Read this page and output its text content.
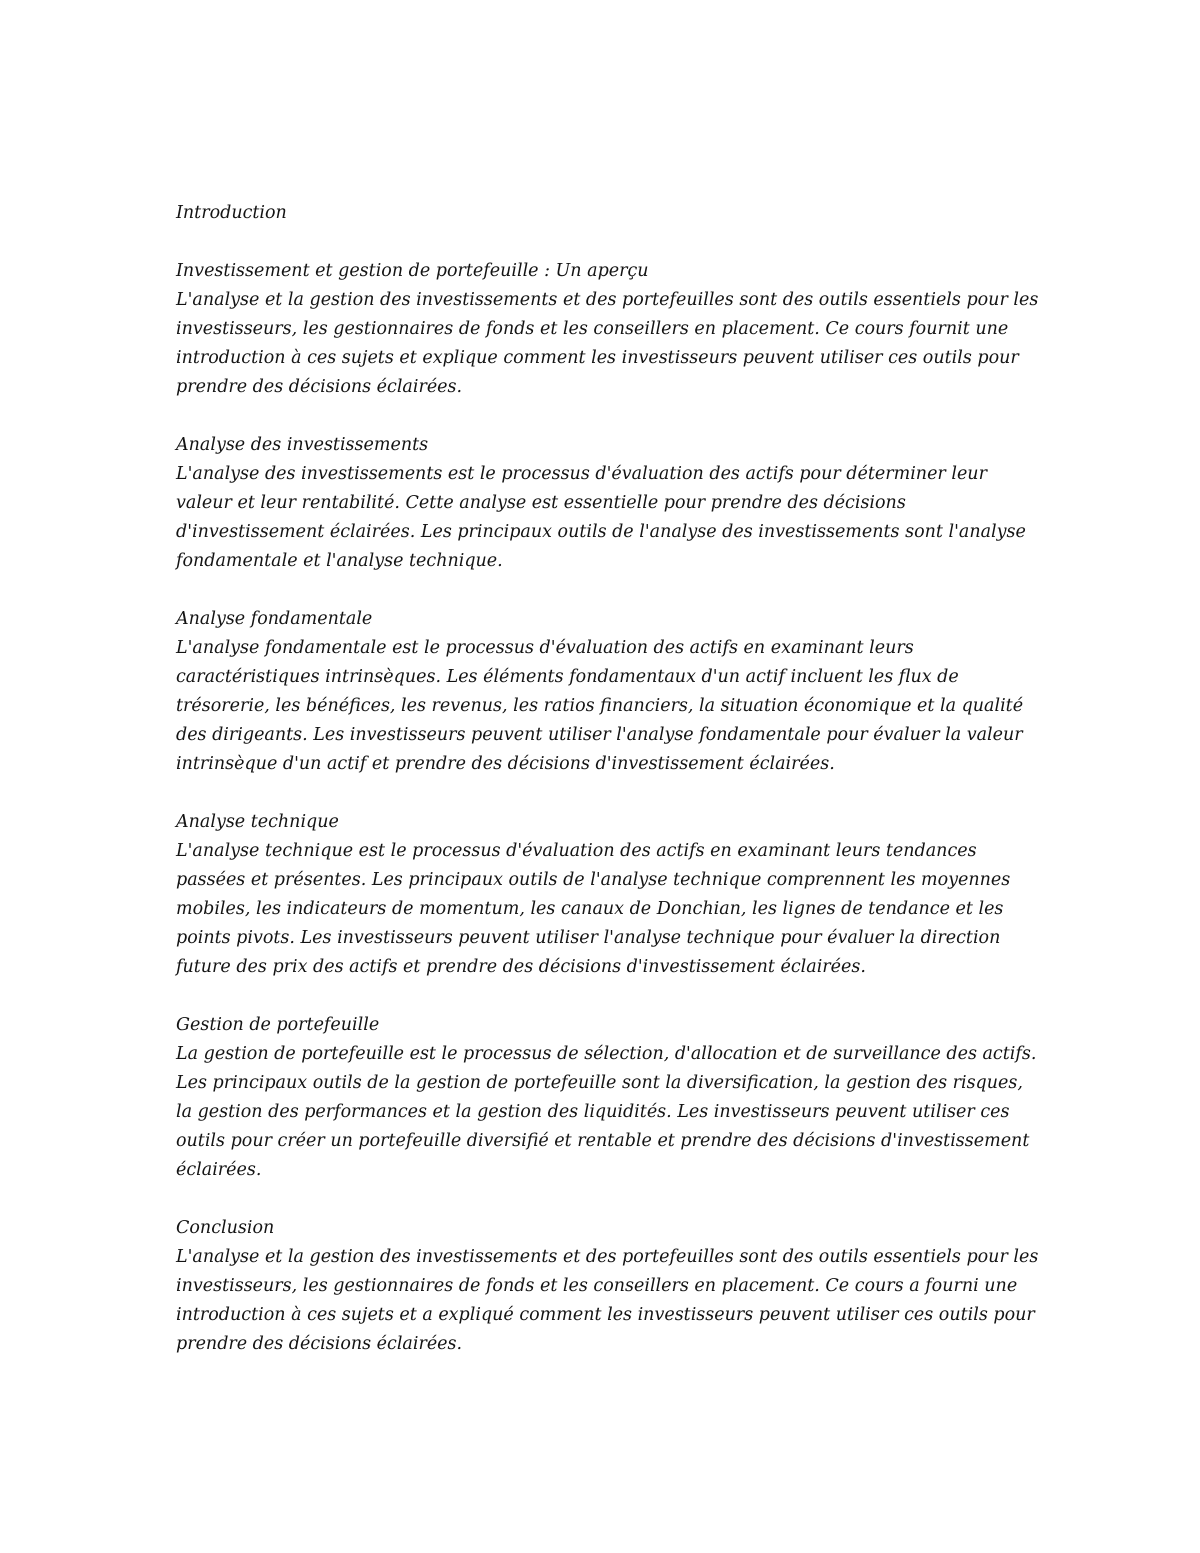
Introduction
Investissement et gestion de portefeuille : Un aperçu

L'analyse et la gestion des investissements et des portefeuilles sont des outils essentiels pour les
investisseurs, les gestionnaires de fonds et les conseillers en placement. Ce cours fournit une
introduction à ces sujets et explique comment les investisseurs peuvent utiliser ces outils pour
prendre des décisions éclairées.

Analyse des investissements

L'analyse des investissements est le processus d'évaluation des actifs pour déterminer leur
valeur et leur rentabilité. Cette analyse est essentielle pour prendre des décisions
d'investissement éclairées. Les principaux outils de l'analyse des investissements sont l'analyse
fondamentale et l'analyse technique.

Analyse fondamentale

L'analyse fondamentale est le processus d'évaluation des actifs en examinant leurs
caractéristiques intrinsèques. Les éléments fondamentaux d'un actif incluent les flux de
trésorerie, les bénéfices, les revenus, les ratios financiers, la situation économique et la qualité
des dirigeants. Les investisseurs peuvent utiliser l'analyse fondamentale pour évaluer la valeur
intrinsèque d'un actif et prendre des décisions d'investissement éclairées.

Analyse technique

L'analyse technique est le processus d'évaluation des actifs en examinant leurs tendances
passées et présentes. Les principaux outils de l'analyse technique comprennent les moyennes
mobiles, les indicateurs de momentum, les canaux de Donchian, les lignes de tendance et les
points pivots. Les investisseurs peuvent utiliser l'analyse technique pour évaluer la direction
future des prix des actifs et prendre des décisions d'investissement éclairées.

Gestion de portefeuille

La gestion de portefeuille est le processus de sélection, d'allocation et de surveillance des actifs.
Les principaux outils de la gestion de portefeuille sont la diversification, la gestion des risques,
la gestion des performances et la gestion des liquidités. Les investisseurs peuvent utiliser ces
outils pour créer un portefeuille diversifié et rentable et prendre des décisions d'investissement
éclairées.

Conclusion

L'analyse et la gestion des investissements et des portefeuilles sont des outils essentiels pour les
investisseurs, les gestionnaires de fonds et les conseillers en placement. Ce cours a fourni une
introduction à ces sujets et a expliqué comment les investisseurs peuvent utiliser ces outils pour
prendre des décisions éclairées.
